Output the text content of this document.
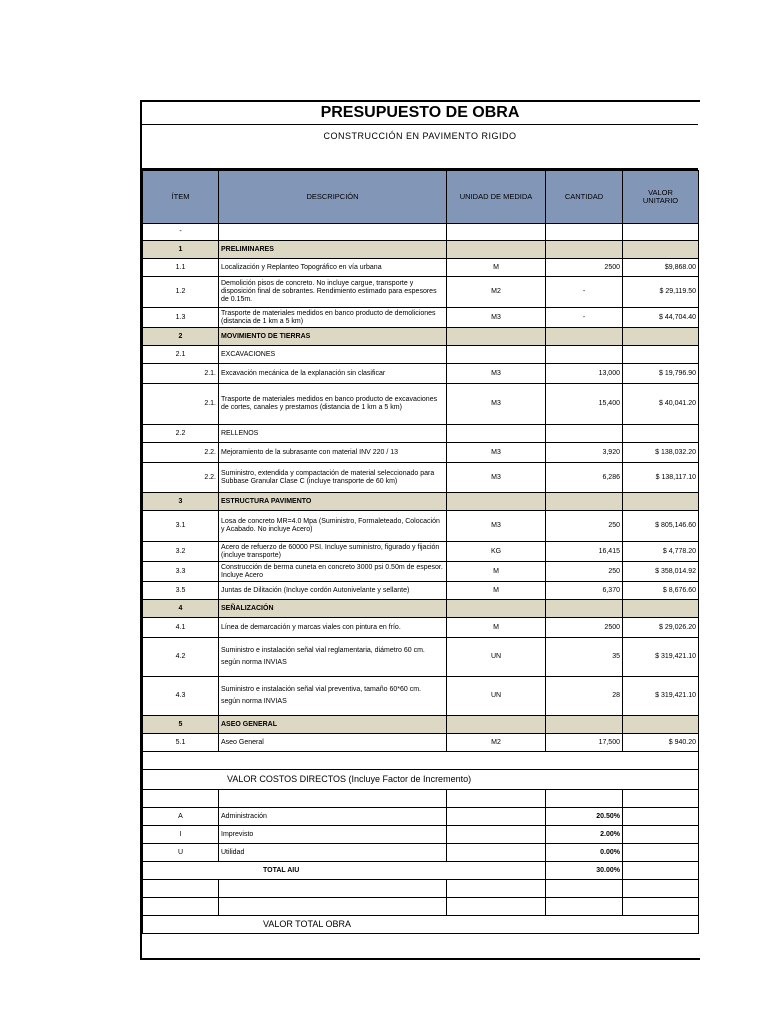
PRESUPUESTO DE OBRA
CONSTRUCCIÓN EN PAVIMENTO RIGIDO
ÍTEM	DESCRIPCIÓN	UNIDAD DE MEDIDA	CANTIDAD	VALOR
UNITARIO
-				
1	PRELIMINARES			

1.1	Localización y Replanteo Topográfico en vía urbana	M	2500	$9,868.00
1.2	Demolición pisos de concreto. No incluye cargue, transporte y disposición final de sobrantes. Rendimiento estimado para espesores de 0.15m.	M2	-	$ 29,119.50
1.3	Trasporte de materiales medidos en banco producto de demoliciones (distancia de 1 km a 5 km)	M3	-	$ 44,704.40
2	MOVIMIENTO DE TIERRAS			

2.1	EXCAVACIONES			

2.1.	Excavación mecánica de la explanación sin clasificar	M3	13,000	$ 19,796.90
2.1.	Trasporte de materiales medidos en banco producto de excavaciones de cortes, canales y prestamos (distancia de 1 km a 5 km)	M3	15,400	$ 40,041.20
2.2	RELLENOS			

2.2.	Mejoramiento de la subrasante con material INV 220 / 13	M3	3,920	$ 138,032.20
2.2.	Suministro, extendida y compactación de material seleccionado para Subbase Granular Clase C (incluye transporte de 60 km)	M3	6,286	$ 138,117.10
3	ESTRUCTURA PAVIMENTO			

3.1	Losa de concreto MR=4.0 Mpa (Suministro, Formaleteado, Colocación y Acabado. No incluye Acero)	M3	250	$ 805,146.60
3.2	Acero de refuerzo de 60000 PSI. Incluye suministro, figurado y fijación (incluye transporte)	KG	16,415	$ 4,778.20
3.3	Construcción de berma cuneta en concreto 3000 psi 0.50m de espesor. Incluye Acero	M	250	$ 358,014.92
3.5	Juntas de Dilitación (Incluye cordón Autonivelante y sellante)	M	6,370	$ 8,676.60
4	SEÑALIZACIÓN			

4.1	Línea de demarcación y marcas viales con pintura en frío.	M	2500	$ 29,026.20
4.2	Suministro e instalación señal vial reglamentaria, diámetro 60 cm.
según norma INVIAS	UN	35	$ 319,421.10
4.3	Suministro e instalación señal vial preventiva, tamaño 60*60 cm.
según norma INVIAS	UN	28	$ 319,421.10
5	ASEO GENERAL			

5.1	Aseo General	M2	17,500	$ 940.20

VALOR COSTOS DIRECTOS (Incluye Factor de Incremento)				

A	Administración		20.50%	
I	Imprevisto		2.00%	
U	Utilidad		0.00%	
TOTAL AIU			30.00%	

VALOR TOTAL OBRA				
